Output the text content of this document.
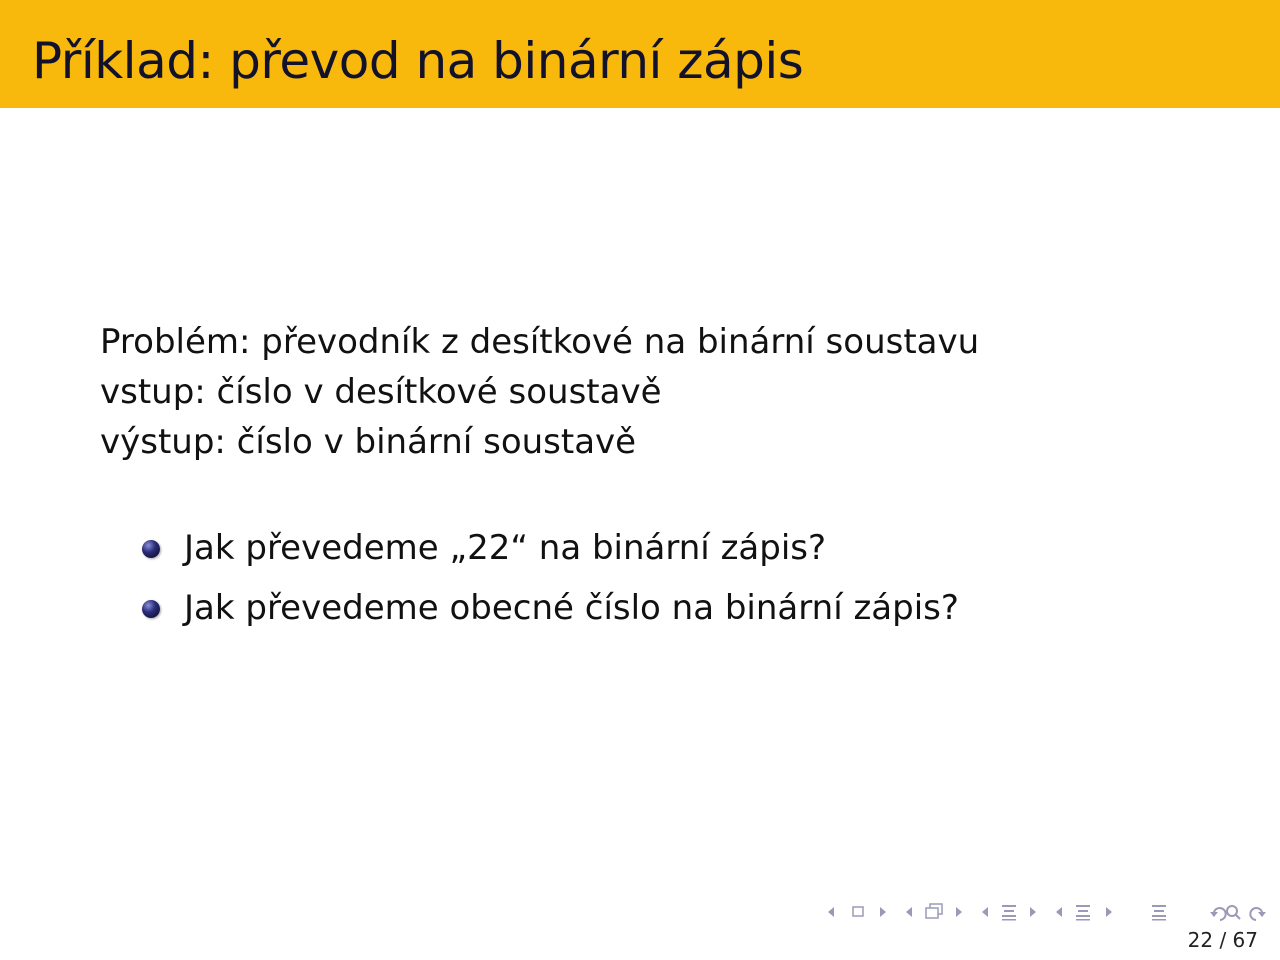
Příklad: převod na binární zápis
Problém: převodník z desítkové na binární soustavu
vstup: číslo v desítkové soustavě
výstup: číslo v binární soustavě
Jak převedeme „22“ na binární zápis?
Jak převedeme obecné číslo na binární zápis?
22 / 67
